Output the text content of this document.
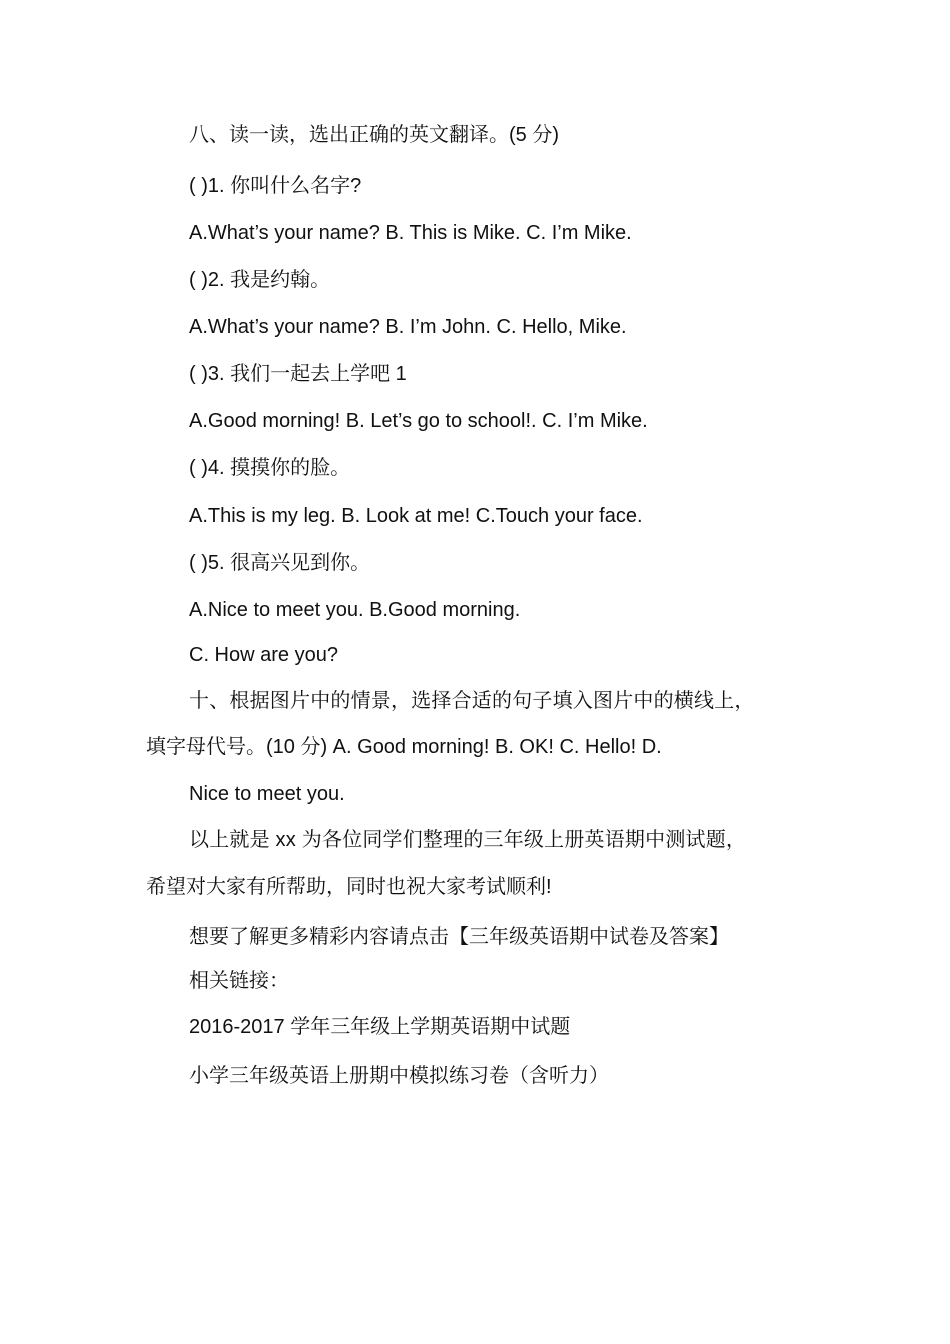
八、读一读，选出正确的英文翻译。(5 分)

( )1. 你叫什么名字?

A.What’s your name? B. This is Mike. C. I’m Mike.

( )2. 我是约翰。

A.What’s your name? B. I’m John. C. Hello, Mike.

( )3. 我们一起去上学吧 1

A.Good morning! B. Let’s go to school!. C. I’m Mike.

( )4. 摸摸你的脸。

A.This is my leg. B. Look at me! C.Touch your face.

( )5. 很高兴见到你。

A.Nice to meet you. B.Good morning.

C. How are you?

十、根据图片中的情景，选择合适的句子填入图片中的横线上，

填字母代号。(10 分) A. Good morning! B. OK! C. Hello! D.

Nice to meet you.

以上就是 xx 为各位同学们整理的三年级上册英语期中测试题，

希望对大家有所帮助，同时也祝大家考试顺利!

想要了解更多精彩内容请点击【三年级英语期中试卷及答案】

相关链接：

2016-2017 学年三年级上学期英语期中试题

小学三年级英语上册期中模拟练习卷（含听力）
